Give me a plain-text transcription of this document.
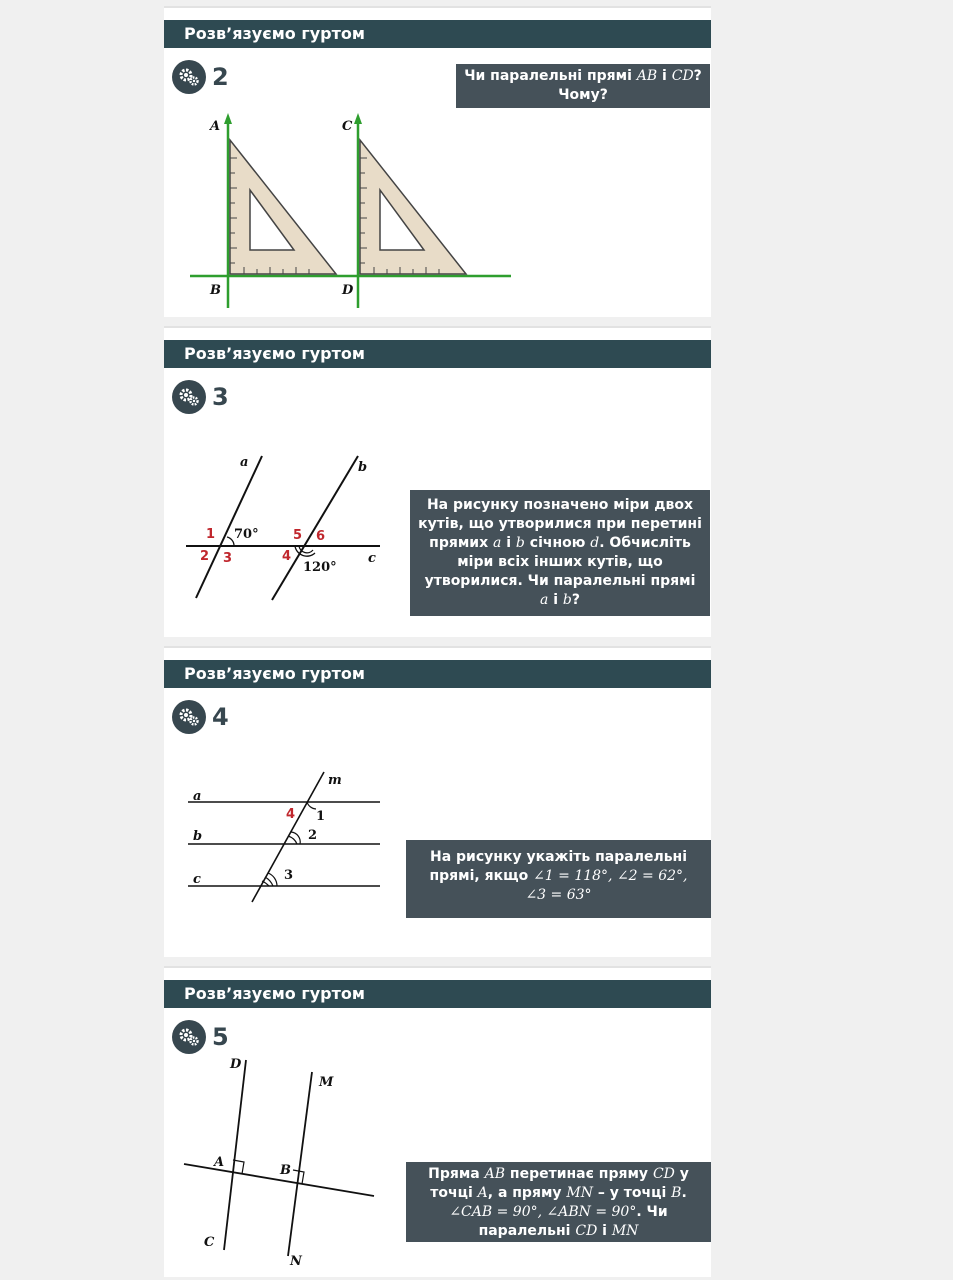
Розв’язуємо гуртом
2	Чи паралельні прямі AB і CD?
Чому?
A
B
C
D
Розв’язуємо гуртом
3
На рисунку позначено міри двох
кутів, що утворилися при перетині
прямих a і b січною d. Обчисліть
міри всіх інших кутів, що
утворилися. Чи паралельні прямі
a і b?
a	b
c
1
2 3	4
5 6
70°
120°
Розв’язуємо гуртом
4
На рисунку укажіть паралельні
прямі, якщо ∠1 = 118°, ∠2 = 62°,
∠3 = 63°
m
a
b
c
1
2
3
4
Розв’язуємо гуртом
5
Пряма AB перетинає пряму CD у
точці A, а пряму MN – у точці B.
∠CAB = 90°, ∠ABN = 90°. Чи
паралельні CD і MN
D
M
A
B
C
N
